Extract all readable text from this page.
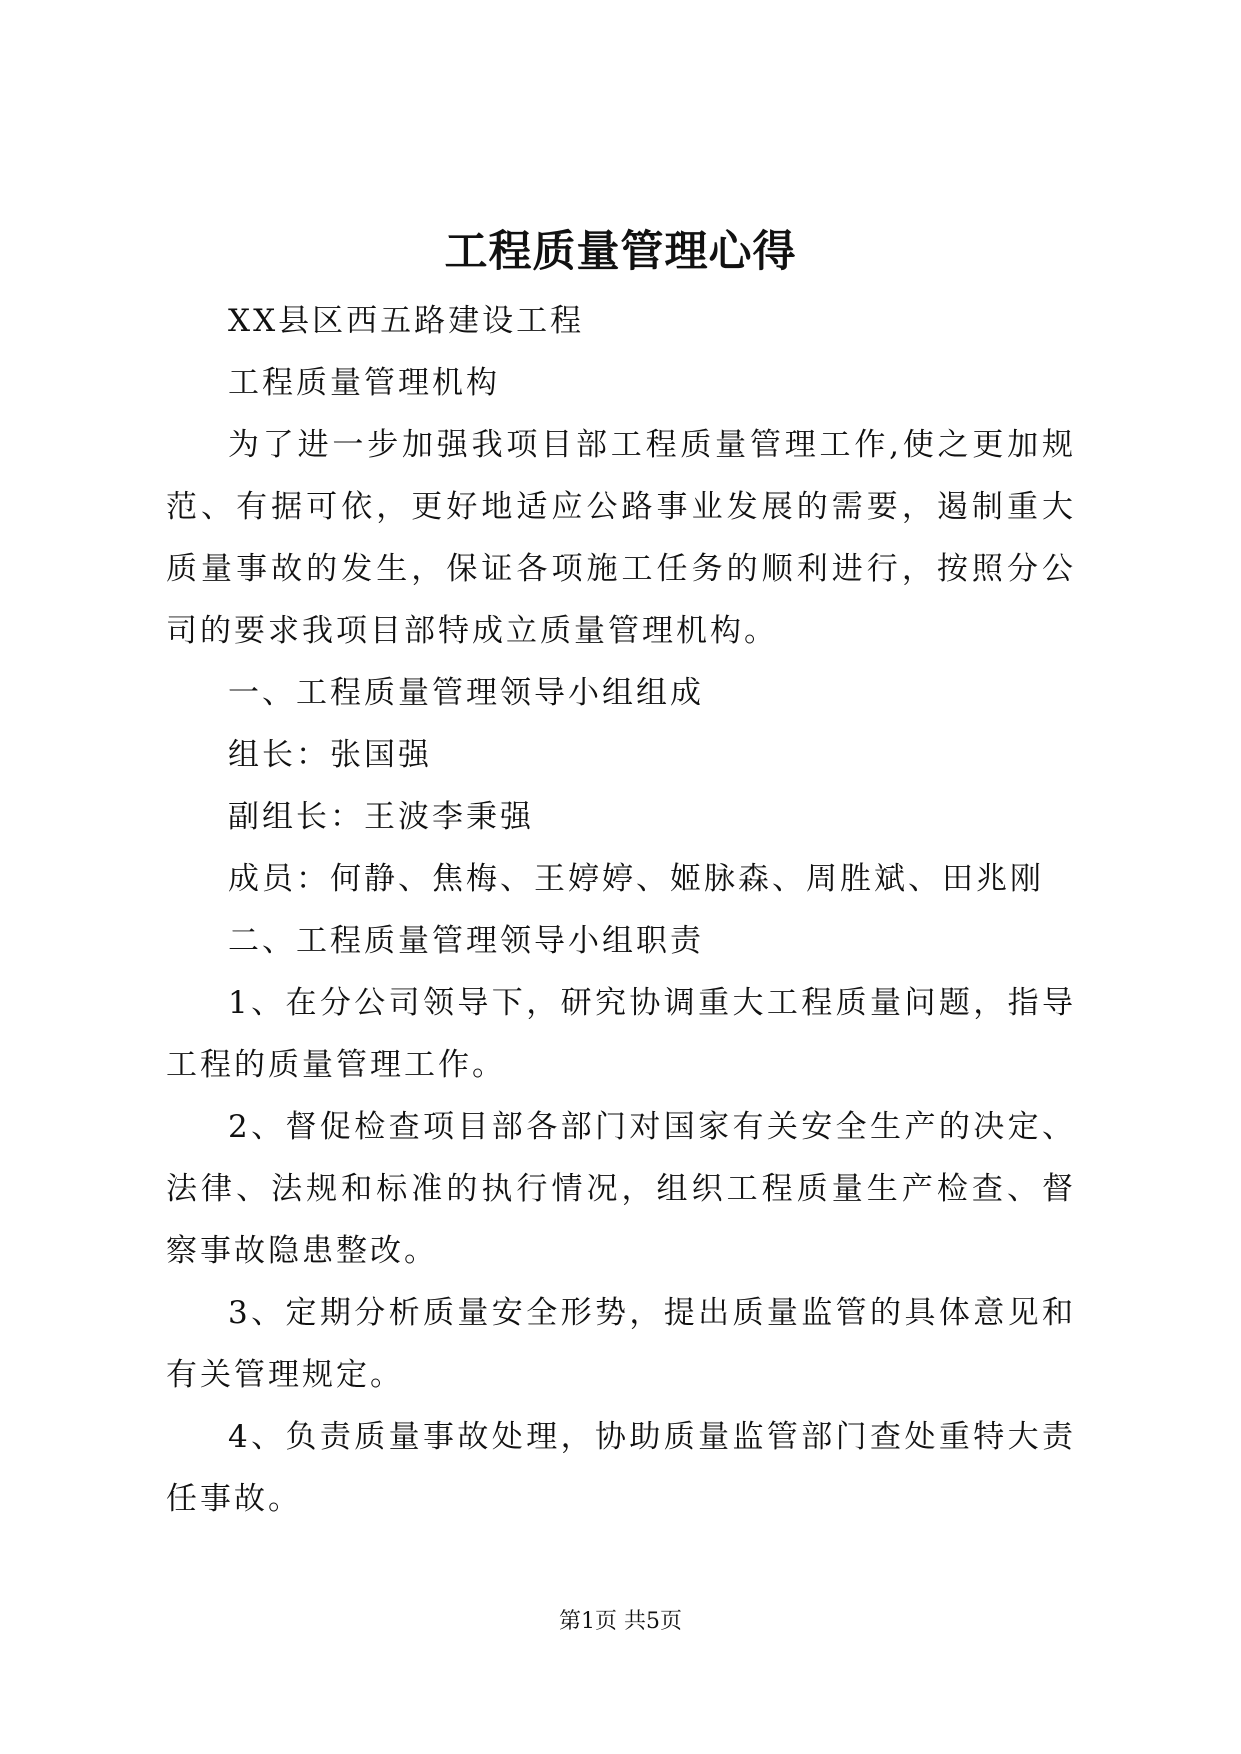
工程质量管理心得

XX县区西五路建设工程

工程质量管理机构

为了进一步加强我项目部工程质量管理工作,使之更加规范、有据可依，更好地适应公路事业发展的需要，遏制重大质量事故的发生，保证各项施工任务的顺利进行，按照分公司的要求我项目部特成立质量管理机构。

一、工程质量管理领导小组组成

组长：张国强

副组长：王波李秉强

成员：何静、焦梅、王婷婷、姬脉森、周胜斌、田兆刚

二、工程质量管理领导小组职责

1、在分公司领导下，研究协调重大工程质量问题，指导工程的质量管理工作。

2、督促检查项目部各部门对国家有关安全生产的决定、法律、法规和标准的执行情况，组织工程质量生产检查、督察事故隐患整改。

3、定期分析质量安全形势，提出质量监管的具体意见和有关管理规定。

4、负责质量事故处理，协助质量监管部门查处重特大责任事故。

第1页 共5页
